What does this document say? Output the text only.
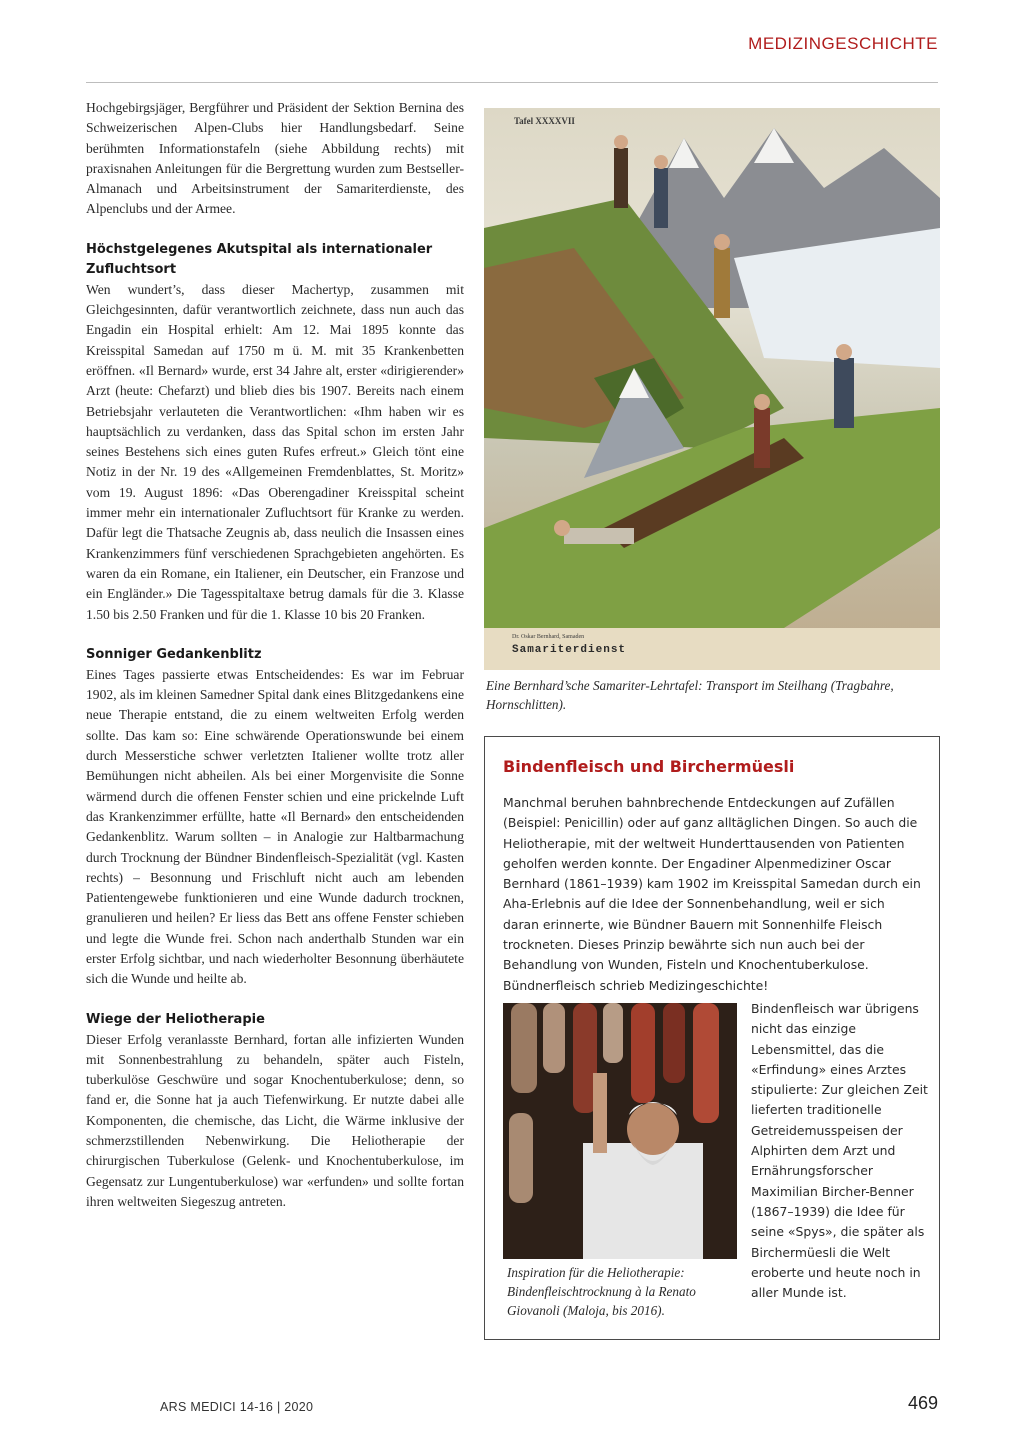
MEDIZINGESCHICHTE

Hochgebirgsjäger, Bergführer und Präsident der Sektion Bernina des Schweizerischen Alpen-Clubs hier Handlungsbedarf. Seine berühmten Informationstafeln (siehe Abbildung rechts) mit praxisnahen Anleitungen für die Bergrettung wurden zum Bestseller-Almanach und Arbeitsinstrument der Samariterdienste, des Alpenclubs und der Armee.

Höchstgelegenes Akutspital als internationaler Zufluchtsort

Wen wundert’s, dass dieser Machertyp, zusammen mit Gleichgesinnten, dafür verantwortlich zeichnete, dass nun auch das Engadin ein Hospital erhielt: Am 12. Mai 1895 konnte das Kreisspital Samedan auf 1750 m ü. M. mit 35 Krankenbetten eröffnen. «Il Bernard» wurde, erst 34 Jahre alt, erster «dirigierender» Arzt (heute: Chefarzt) und blieb dies bis 1907. Bereits nach einem Betriebsjahr verlauteten die Verantwortlichen: «Ihm haben wir es hauptsächlich zu verdanken, dass das Spital schon im ersten Jahr seines Bestehens sich eines guten Rufes erfreut.» Gleich tönt eine Notiz in der Nr. 19 des «Allgemeinen Fremdenblattes, St. Moritz» vom 19. August 1896: «Das Oberengadiner Kreisspital scheint immer mehr ein internationaler Zufluchtsort für Kranke zu werden. Dafür legt die Thatsache Zeugnis ab, dass neulich die Insassen eines Krankenzimmers fünf verschiedenen Sprachgebieten angehörten. Es waren da ein Romane, ein Italiener, ein Deutscher, ein Franzose und ein Engländer.» Die Tagesspitaltaxe betrug damals für die 3. Klasse 1.50 bis 2.50 Franken und für die 1. Klasse 10 bis 20 Franken.

Sonniger Gedankenblitz

Eines Tages passierte etwas Entscheidendes: Es war im Februar 1902, als im kleinen Samedner Spital dank eines Blitzgedankens eine neue Therapie entstand, die zu einem weltweiten Erfolg werden sollte. Das kam so: Eine schwärende Operationswunde bei einem durch Messerstiche schwer verletzten Italiener wollte trotz aller Bemühungen nicht abheilen. Als bei einer Morgenvisite die Sonne wärmend durch die offenen Fenster schien und eine prickelnde Luft das Krankenzimmer erfüllte, hatte «Il Bernard» den entscheidenden Gedankenblitz. Warum sollten – in Analogie zur Haltbarmachung durch Trocknung der Bündner Bindenfleisch-Spezialität (vgl. Kasten rechts) – Besonnung und Frischluft nicht auch am lebenden Patientengewebe funktionieren und eine Wunde dadurch trocknen, granulieren und heilen? Er liess das Bett ans offene Fenster schieben und legte die Wunde frei. Schon nach anderthalb Stunden war ein erster Erfolg sichtbar, und nach wiederholter Besonnung überhäutete sich die Wunde und heilte ab.

Wiege der Heliotherapie

Dieser Erfolg veranlasste Bernhard, fortan alle infizierten Wunden mit Sonnenbestrahlung zu behandeln, später auch Fisteln, tuberkulöse Geschwüre und sogar Knochentuberkulose; denn, so fand er, die Sonne hat ja auch Tiefenwirkung. Er nutzte dabei alle Komponenten, die chemische, das Licht, die Wärme inklusive der schmerzstillenden Nebenwirkung. Die Heliotherapie der chirurgischen Tuberkulose (Gelenk- und Knochentuberkulose, im Gegensatz zur Lungentuberkulose) war «erfunden» und sollte fortan ihren weltweiten Siegeszug antreten.

Tafel XXXXVII
Dr. Oskar Bernhard, Samaden
Samariterdienst
Eine Bernhard’sche Samariter-Lehrtafel: Transport im Steilhang (Tragbahre, Hornschlitten).
Bindenfleisch und Birchermüesli
Manchmal beruhen bahnbrechende Entdeckungen auf Zufällen (Beispiel: Penicillin) oder auf ganz alltäglichen Dingen. So auch die Heliotherapie, mit der weltweit Hunderttausenden von Patienten geholfen werden konnte. Der Engadiner Alpenmediziner Oscar Bernhard (1861–1939) kam 1902 im Kreisspital Samedan durch ein Aha-Erlebnis auf die Idee der Sonnenbehandlung, weil er sich daran erinnerte, wie Bündner Bauern mit Sonnenhilfe Fleisch trockneten. Dieses Prinzip bewährte sich nun auch bei der Behandlung von Wunden, Fisteln und Knochentuberkulose. Bündnerfleisch schrieb Medizingeschichte!
Inspiration für die Heliotherapie: Bindenfleischtrocknung à la Renato Giovanoli (Maloja, bis 2016).
Bindenfleisch war übrigens nicht das einzige Lebensmittel, das die «Erfindung» eines Arztes stipulierte: Zur gleichen Zeit lieferten traditionelle Getreidemusspeisen der Alphirten dem Arzt und Ernährungsforscher Maximilian Bircher-Benner (1867–1939) die Idee für seine «Spys», die später als Birchermüesli die Welt eroberte und heute noch in aller Munde ist.
ARS MEDICI 14-16 | 2020	469
